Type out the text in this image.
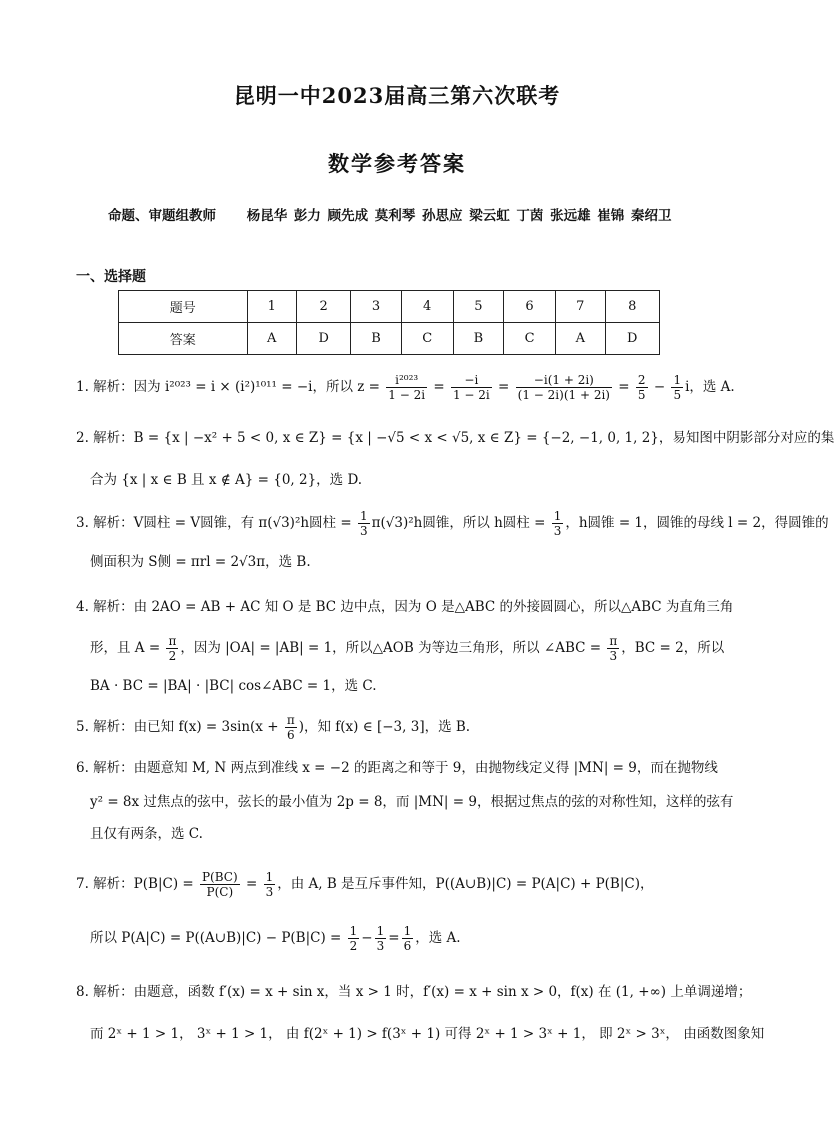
昆明一中2023届高三第六次联考
数学参考答案
命题、审题组教师 杨昆华 彭力 顾先成 莫利琴 孙思应 梁云虹 丁茵 张远雄 崔锦 秦绍卫
一、选择题
题号	1	2	3	4	5	6	7	8
答案	A	D	B	C	B	C	A	D
1. 解析：因为 i²⁰²³ = i × (i²)¹⁰¹¹ = −i，所以 $z = \frac{\text{i²⁰²³}}{1 - 2i} = \frac{-i}{1 - 2i} = \frac{-i(1 + 2i)}{(1 - 2i)(1 + 2i)} = \frac{2}{5} - \frac{1}{5}$ i，选 A.
2. 解析：B = {x | −x² + 5 < 0, x ∈ Z} = {x | −√5 < x < √5, x ∈ Z} = {−2, −1, 0, 1, 2}，易知图中阴影部分对应的集
合为 {x | x ∈ B 且 x ∉ A} = {0, 2}，选 D.
3. 解析：V圆柱 = V圆锥，有 π(√3)²h圆柱 = $\frac{1}{3} \pi(√3)^2h$圆锥，所以 h圆柱 = $\frac{1}{3}$ ，h圆锥 = 1，圆锥的母线 l = 2，得圆锥的
侧面积为 S侧 = πrl = 2√3π，选 B.
4. 解析：由 2AO = AB + AC 知 O 是 BC 边中点，因为 O 是△ABC 的外接圆圆心，所以△ABC 为直角三角
形，且 $A = \frac{\pi}{2}$ ，因为 |OA| = |AB| = 1，所以△AOB 为等边三角形，所以 ∠ABC = $\frac{\pi}{3}$ ，BC = 2，所以
BA · BC = |BA| · |BC| cos∠ABC = 1，选 C.
5. 解析：由已知 $f(x) = 3\sin(x + \frac{\pi}{6}$ )，知 f(x) ∈ [−3, 3]，选 B.
6. 解析：由题意知 M, N 两点到准线 x = −2 的距离之和等于 9，由抛物线定义得 |MN| = 9，而在抛物线
y² = 8x 过焦点的弦中，弦长的最小值为 2p = 8，而 |MN| = 9，根据过焦点的弦的对称性知，这样的弦有
且仅有两条，选 C.
7. 解析：$P(B|C) = \frac{P(BC)}{P(C)} = \frac{1}{3}$ ，由 A, B 是互斥事件知，P((A∪B)|C) = P(A|C) + P(B|C)，
所以 P(A|C) = P((A∪B)|C) − $P(B|C) = \frac{1}{2} - \frac{1}{3} = \frac{1}{6}$ ，选 A.
8. 解析：由题意，函数 f′(x) = x + sin x，当 x > 1 时，f′(x) = x + sin x > 0，f(x) 在 (1, +∞) 上单调递增；
而 2ˣ + 1 > 1， 3ˣ + 1 > 1， 由 f(2ˣ + 1) > f(3ˣ + 1) 可得 2ˣ + 1 > 3ˣ + 1， 即 2ˣ > 3ˣ， 由函数图象知
